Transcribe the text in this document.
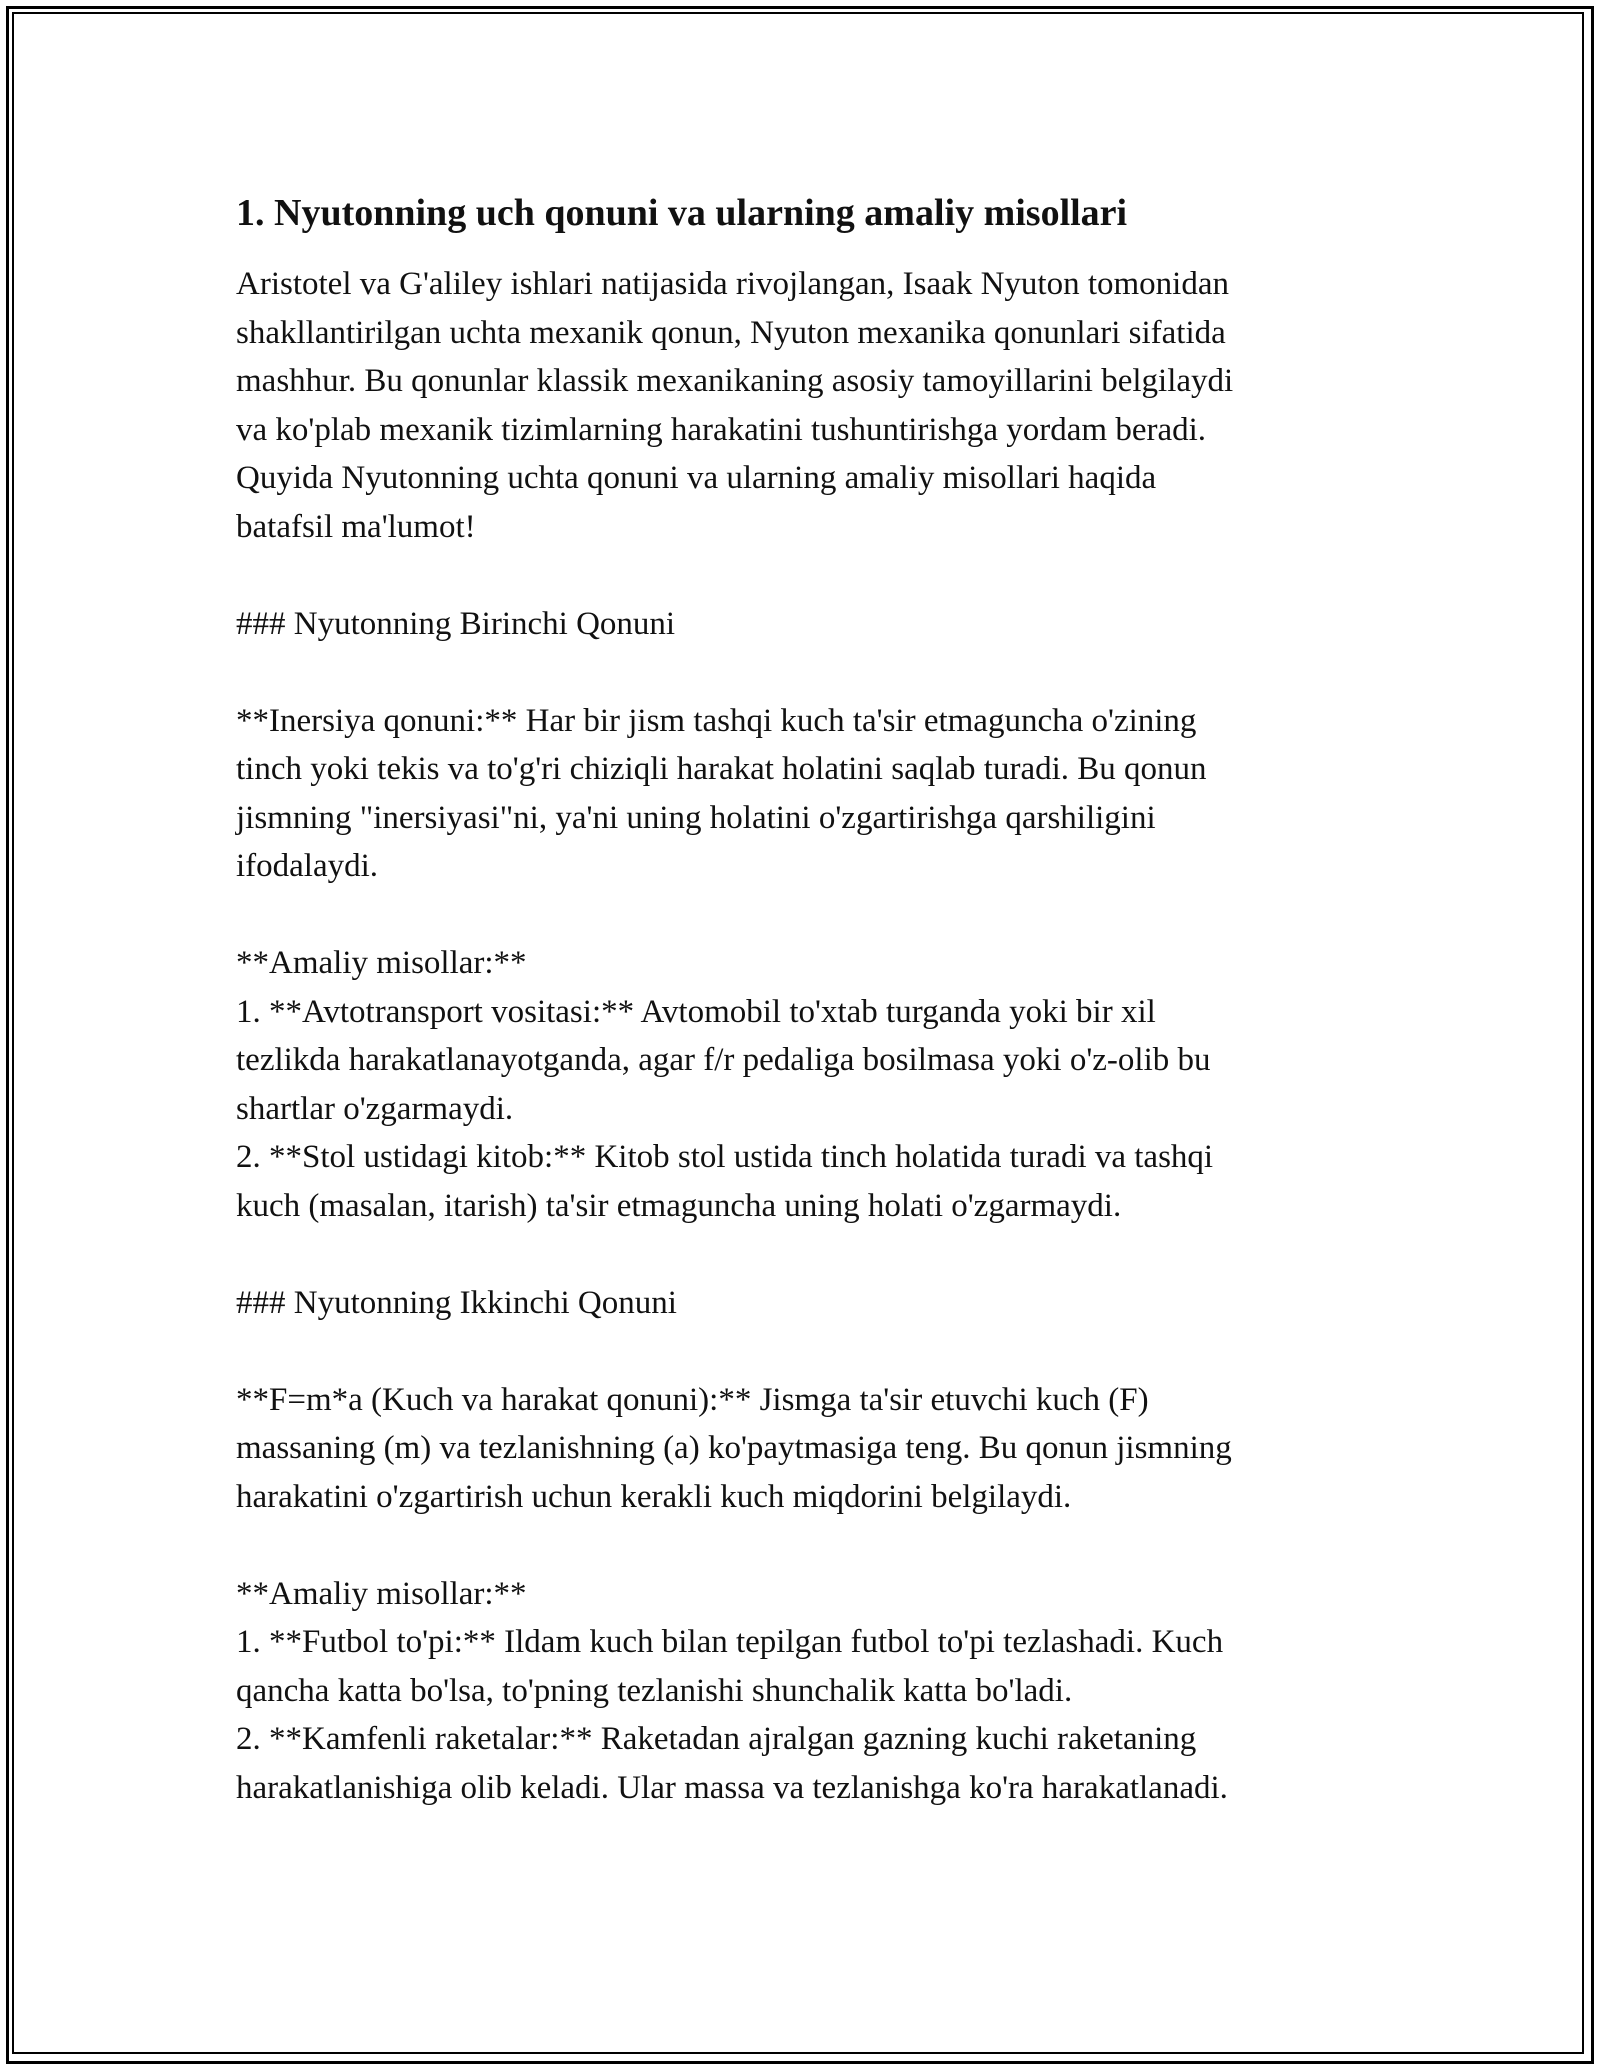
1. Nyutonning uch qonuni va ularning amaliy misollari

Aristotel va G'aliley ishlari natijasida rivojlangan, Isaak Nyuton tomonidan

shakllantirilgan uchta mexanik qonun, Nyuton mexanika qonunlari sifatida

mashhur. Bu qonunlar klassik mexanikaning asosiy tamoyillarini belgilaydi

va ko'plab mexanik tizimlarning harakatini tushuntirishga yordam beradi.

Quyida Nyutonning uchta qonuni va ularning amaliy misollari haqida

batafsil ma'lumot!

### Nyutonning Birinchi Qonuni

**Inersiya qonuni:** Har bir jism tashqi kuch ta'sir etmaguncha o'zining

tinch yoki tekis va to'g'ri chiziqli harakat holatini saqlab turadi. Bu qonun

jismning "inersiyasi"ni, ya'ni uning holatini o'zgartirishga qarshiligini

ifodalaydi.

**Amaliy misollar:**

1. **Avtotransport vositasi:** Avtomobil to'xtab turganda yoki bir xil

tezlikda harakatlanayotganda, agar f/r pedaliga bosilmasa yoki o'z-olib bu

shartlar o'zgarmaydi.

2. **Stol ustidagi kitob:** Kitob stol ustida tinch holatida turadi va tashqi

kuch (masalan, itarish) ta'sir etmaguncha uning holati o'zgarmaydi.

### Nyutonning Ikkinchi Qonuni

**F=m*a (Kuch va harakat qonuni):** Jismga ta'sir etuvchi kuch (F)

massaning (m) va tezlanishning (a) ko'paytmasiga teng. Bu qonun jismning

harakatini o'zgartirish uchun kerakli kuch miqdorini belgilaydi.

**Amaliy misollar:**

1. **Futbol to'pi:** Ildam kuch bilan tepilgan futbol to'pi tezlashadi. Kuch

qancha katta bo'lsa, to'pning tezlanishi shunchalik katta bo'ladi.

2. **Kamfenli raketalar:** Raketadan ajralgan gazning kuchi raketaning

harakatlanishiga olib keladi. Ular massa va tezlanishga ko'ra harakatlanadi.
